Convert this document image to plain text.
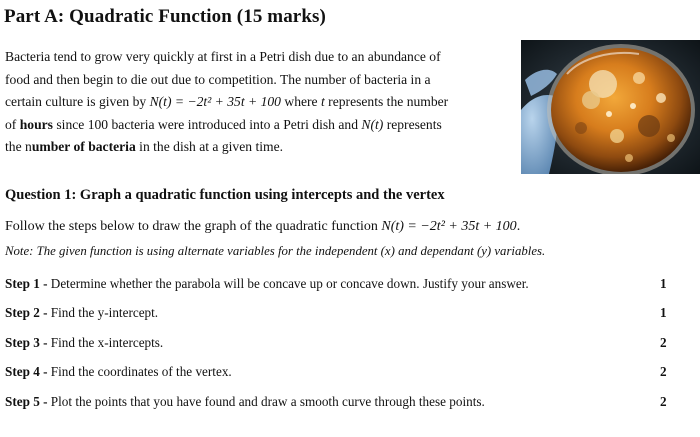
Part A: Quadratic Function (15 marks)
Bacteria tend to grow very quickly at first in a Petri dish due to an abundance of
food and then begin to die out due to competition. The number of bacteria in a
certain culture is given by N(t) = −2t² + 35t + 100 where t represents the number
of hours since 100 bacteria were introduced into a Petri dish and N(t) represents
the number of bacteria in the dish at a given time.
Question 1: Graph a quadratic function using intercepts and the vertex
Follow the steps below to draw the graph of the quadratic function N(t) = −2t² + 35t + 100.
Note: The given function is using alternate variables for the independent (x) and dependant (y) variables.
Step 1 - Determine whether the parabola will be concave up or concave down. Justify your answer.	1
Step 2 - Find the y-intercept.	1
Step 3 - Find the x-intercepts.	2
Step 4 - Find the coordinates of the vertex.	2
Step 5 - Plot the points that you have found and draw a smooth curve through these points.	2
